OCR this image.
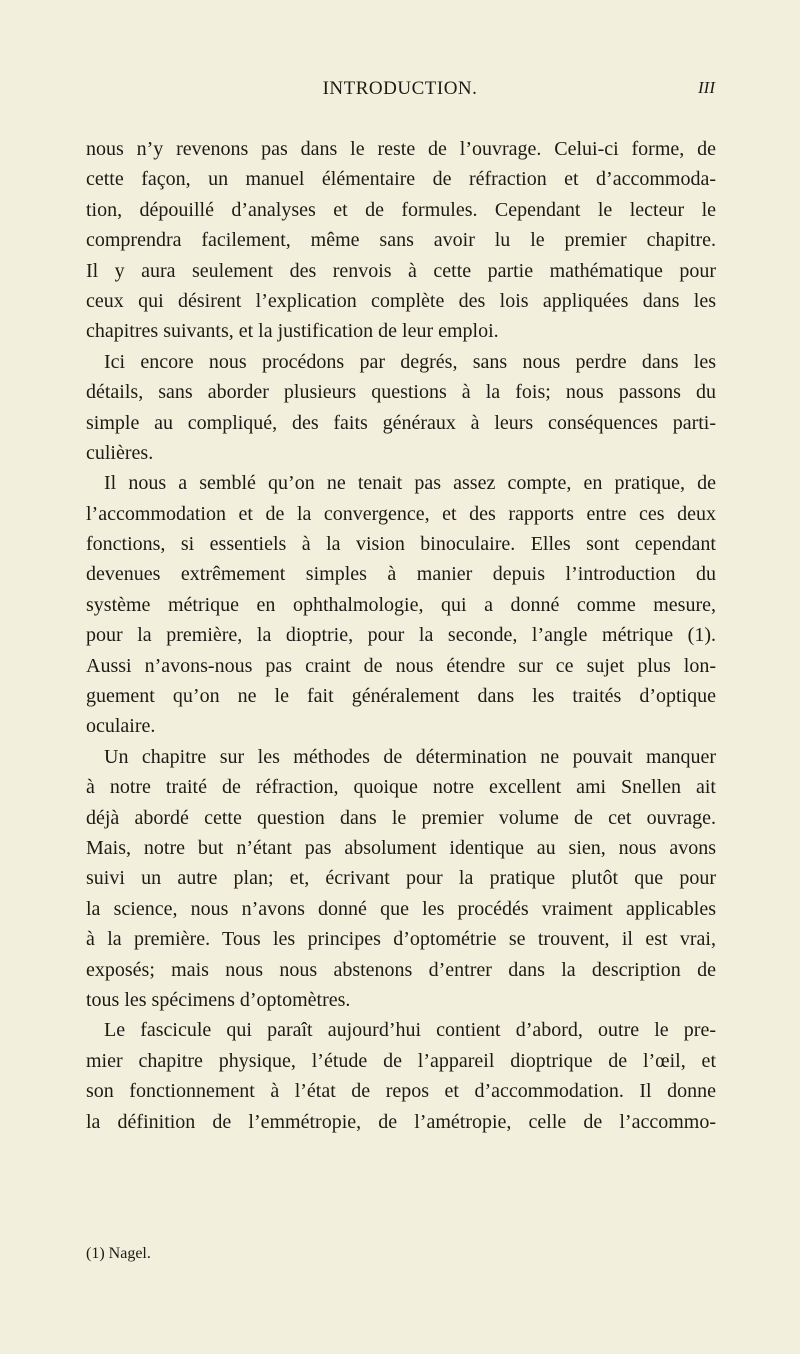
INTRODUCTION.	III
nous n’y revenons pas dans le reste de l’ouvrage. Celui-ci forme, de
cette façon, un manuel élémentaire de réfraction et d’accommoda-
tion, dépouillé d’analyses et de formules. Cependant le lecteur le
comprendra facilement, même sans avoir lu le premier chapitre.
Il y aura seulement des renvois à cette partie mathématique pour
ceux qui désirent l’explication complète des lois appliquées dans les
chapitres suivants, et la justification de leur emploi.
Ici encore nous procédons par degrés, sans nous perdre dans les
détails, sans aborder plusieurs questions à la fois; nous passons du
simple au compliqué, des faits généraux à leurs conséquences parti-
culières.
Il nous a semblé qu’on ne tenait pas assez compte, en pratique, de
l’accommodation et de la convergence, et des rapports entre ces deux
fonctions, si essentiels à la vision binoculaire. Elles sont cependant
devenues extrêmement simples à manier depuis l’introduction du
système métrique en ophthalmologie, qui a donné comme mesure,
pour la première, la dioptrie, pour la seconde, l’angle métrique (1).
Aussi n’avons-nous pas craint de nous étendre sur ce sujet plus lon-
guement qu’on ne le fait généralement dans les traités d’optique
oculaire.
Un chapitre sur les méthodes de détermination ne pouvait manquer
à notre traité de réfraction, quoique notre excellent ami Snellen ait
déjà abordé cette question dans le premier volume de cet ouvrage.
Mais, notre but n’étant pas absolument identique au sien, nous avons
suivi un autre plan; et, écrivant pour la pratique plutôt que pour
la science, nous n’avons donné que les procédés vraiment applicables
à la première. Tous les principes d’optométrie se trouvent, il est vrai,
exposés; mais nous nous abstenons d’entrer dans la description de
tous les spécimens d’optomètres.
Le fascicule qui paraît aujourd’hui contient d’abord, outre le pre-
mier chapitre physique, l’étude de l’appareil dioptrique de l’œil, et
son fonctionnement à l’état de repos et d’accommodation. Il donne
la définition de l’emmétropie, de l’amétropie, celle de l’accommo-
(1) Nagel.
